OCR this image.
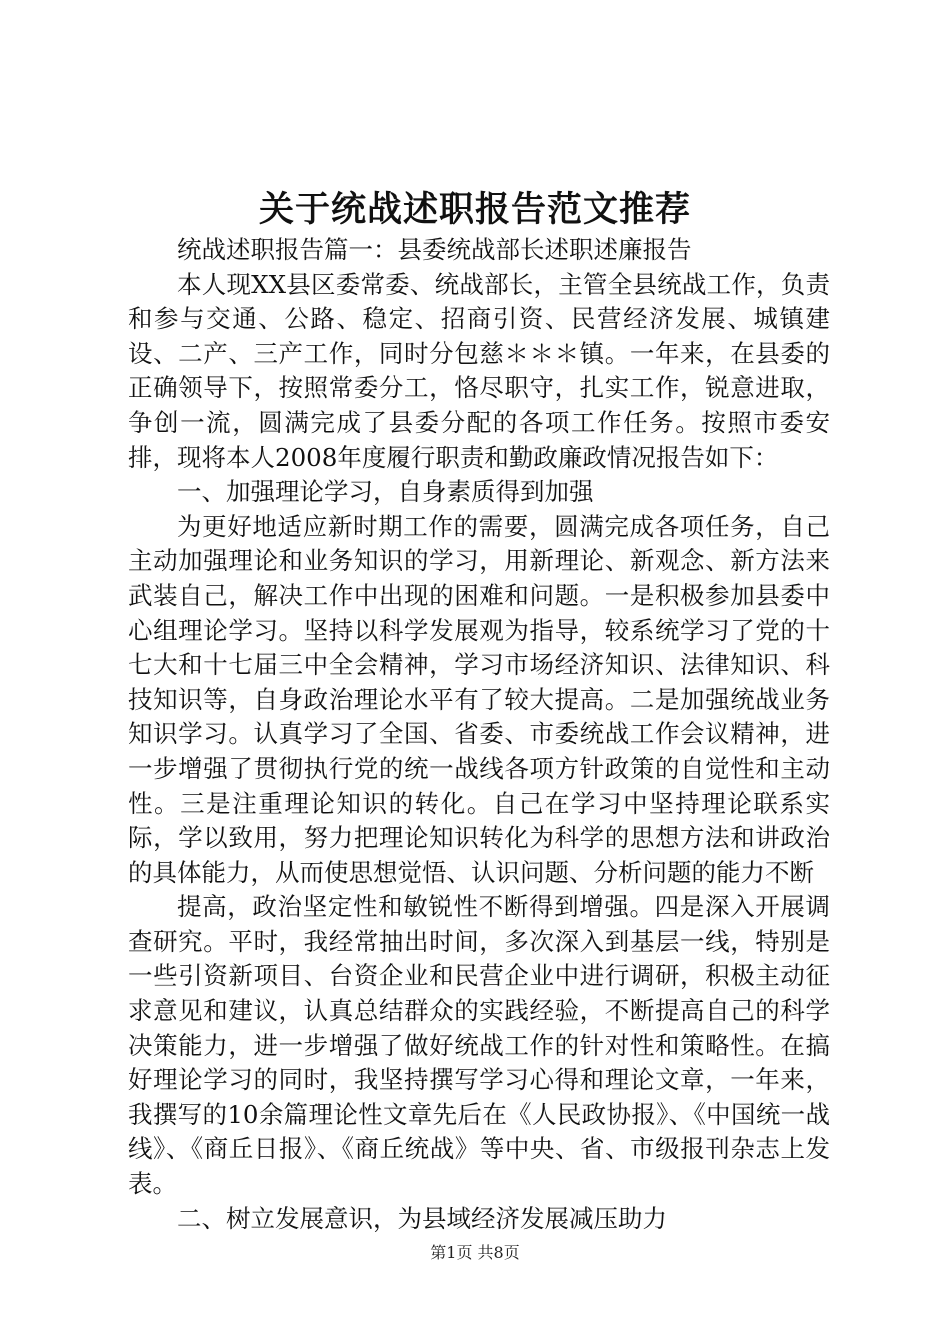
关于统战述职报告范文推荐

统战述职报告篇一：县委统战部长述职述廉报告

本人现XX县区委常委、统战部长，主管全县统战工作，负责和参与交通、公路、稳定、招商引资、民营经济发展、城镇建设、二产、三产工作，同时分包慈＊＊＊镇。一年来，在县委的正确领导下，按照常委分工，恪尽职守，扎实工作，锐意进取，争创一流，圆满完成了县委分配的各项工作任务。按照市委安排，现将本人2008年度履行职责和勤政廉政情况报告如下：

一、加强理论学习，自身素质得到加强

为更好地适应新时期工作的需要，圆满完成各项任务，自己主动加强理论和业务知识的学习，用新理论、新观念、新方法来武装自己，解决工作中出现的困难和问题。一是积极参加县委中心组理论学习。坚持以科学发展观为指导，较系统学习了党的十七大和十七届三中全会精神，学习市场经济知识、法律知识、科技知识等，自身政治理论水平有了较大提高。二是加强统战业务知识学习。认真学习了全国、省委、市委统战工作会议精神，进一步增强了贯彻执行党的统一战线各项方针政策的自觉性和主动性。三是注重理论知识的转化。自己在学习中坚持理论联系实际，学以致用，努力把理论知识转化为科学的思想方法和讲政治的具体能力，从而使思想觉悟、认识问题、分析问题的能力不断

提高，政治坚定性和敏锐性不断得到增强。四是深入开展调查研究。平时，我经常抽出时间，多次深入到基层一线，特别是一些引资新项目、台资企业和民营企业中进行调研，积极主动征求意见和建议，认真总结群众的实践经验，不断提高自己的科学决策能力，进一步增强了做好统战工作的针对性和策略性。在搞好理论学习的同时，我坚持撰写学习心得和理论文章，一年来，我撰写的10余篇理论性文章先后在《人民政协报》、《中国统一战线》、《商丘日报》、《商丘统战》等中央、省、市级报刊杂志上发表。

二、树立发展意识，为县域经济发展减压助力

第1页 共8页
